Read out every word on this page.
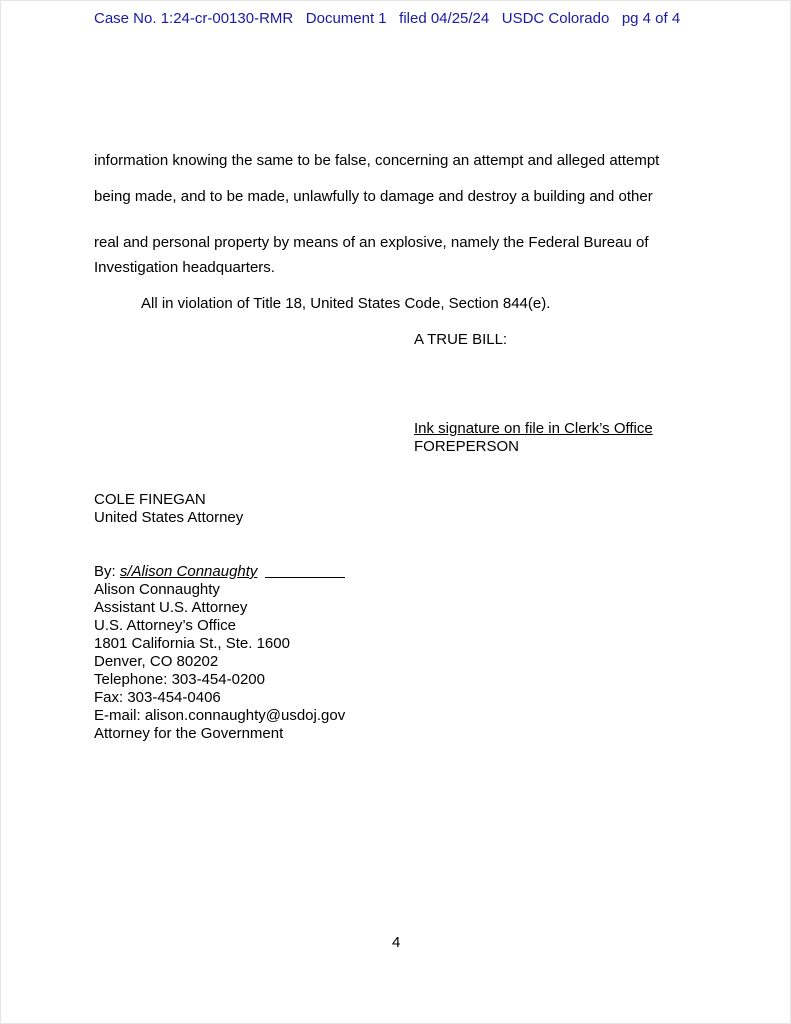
Case No. 1:24-cr-00130-RMR Document 1 filed 04/25/24 USDC Colorado pg 4 of 4
information knowing the same to be false, concerning an attempt and alleged attempt
being made, and to be made, unlawfully to damage and destroy a building and other
real and personal property by means of an explosive, namely the Federal Bureau of
Investigation headquarters.
All in violation of Title 18, United States Code, Section 844(e).
A TRUE BILL:
Ink signature on file in Clerk’s Office
FOREPERSON
COLE FINEGAN
United States Attorney
By: s/Alison Connaughty
Alison Connaughty
Assistant U.S. Attorney
U.S. Attorney’s Office
1801 California St., Ste. 1600
Denver, CO 80202
Telephone: 303-454-0200
Fax: 303-454-0406
E-mail: alison.connaughty@usdoj.gov
Attorney for the Government
4
